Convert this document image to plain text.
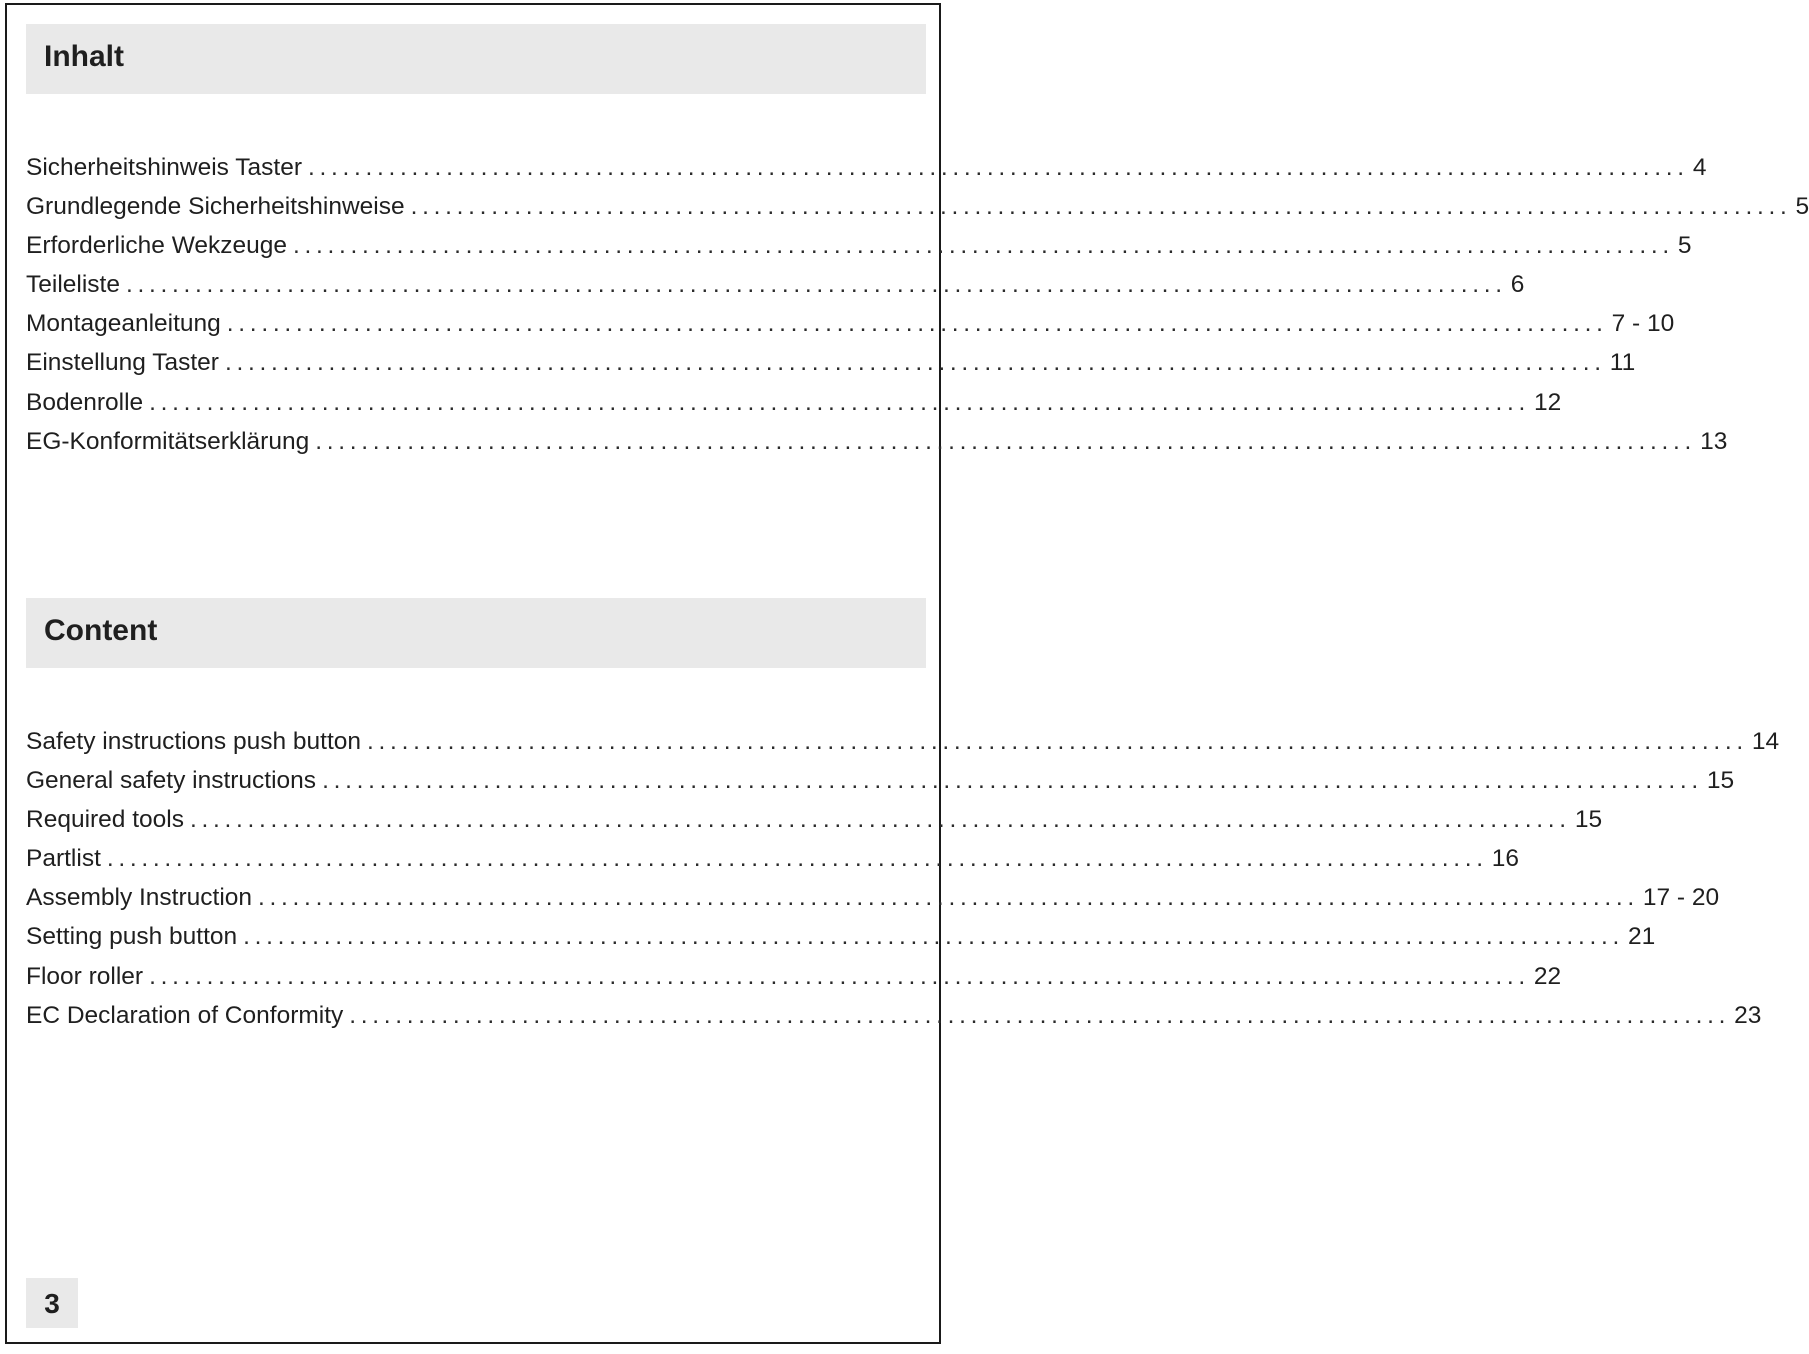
Inhalt
Sicherheitshinweis Taster ........................................................................................................................ 4
Grundlegende Sicherheitshinweise ........................................................................................................................ 5
Erforderliche Wekzeuge ........................................................................................................................ 5
Teileliste ........................................................................................................................ 6
Montageanleitung ........................................................................................................................ 7 - 10
Einstellung Taster ........................................................................................................................ 11
Bodenrolle ........................................................................................................................ 12
EG-Konformitätserklärung ........................................................................................................................ 13
Content
Safety instructions push button ........................................................................................................................ 14
General safety instructions ........................................................................................................................ 15
Required tools ........................................................................................................................ 15
Partlist ........................................................................................................................ 16
Assembly Instruction ........................................................................................................................ 17 - 20
Setting push button ........................................................................................................................ 21
Floor roller ........................................................................................................................ 22
EC Declaration of Conformity ........................................................................................................................ 23
3
